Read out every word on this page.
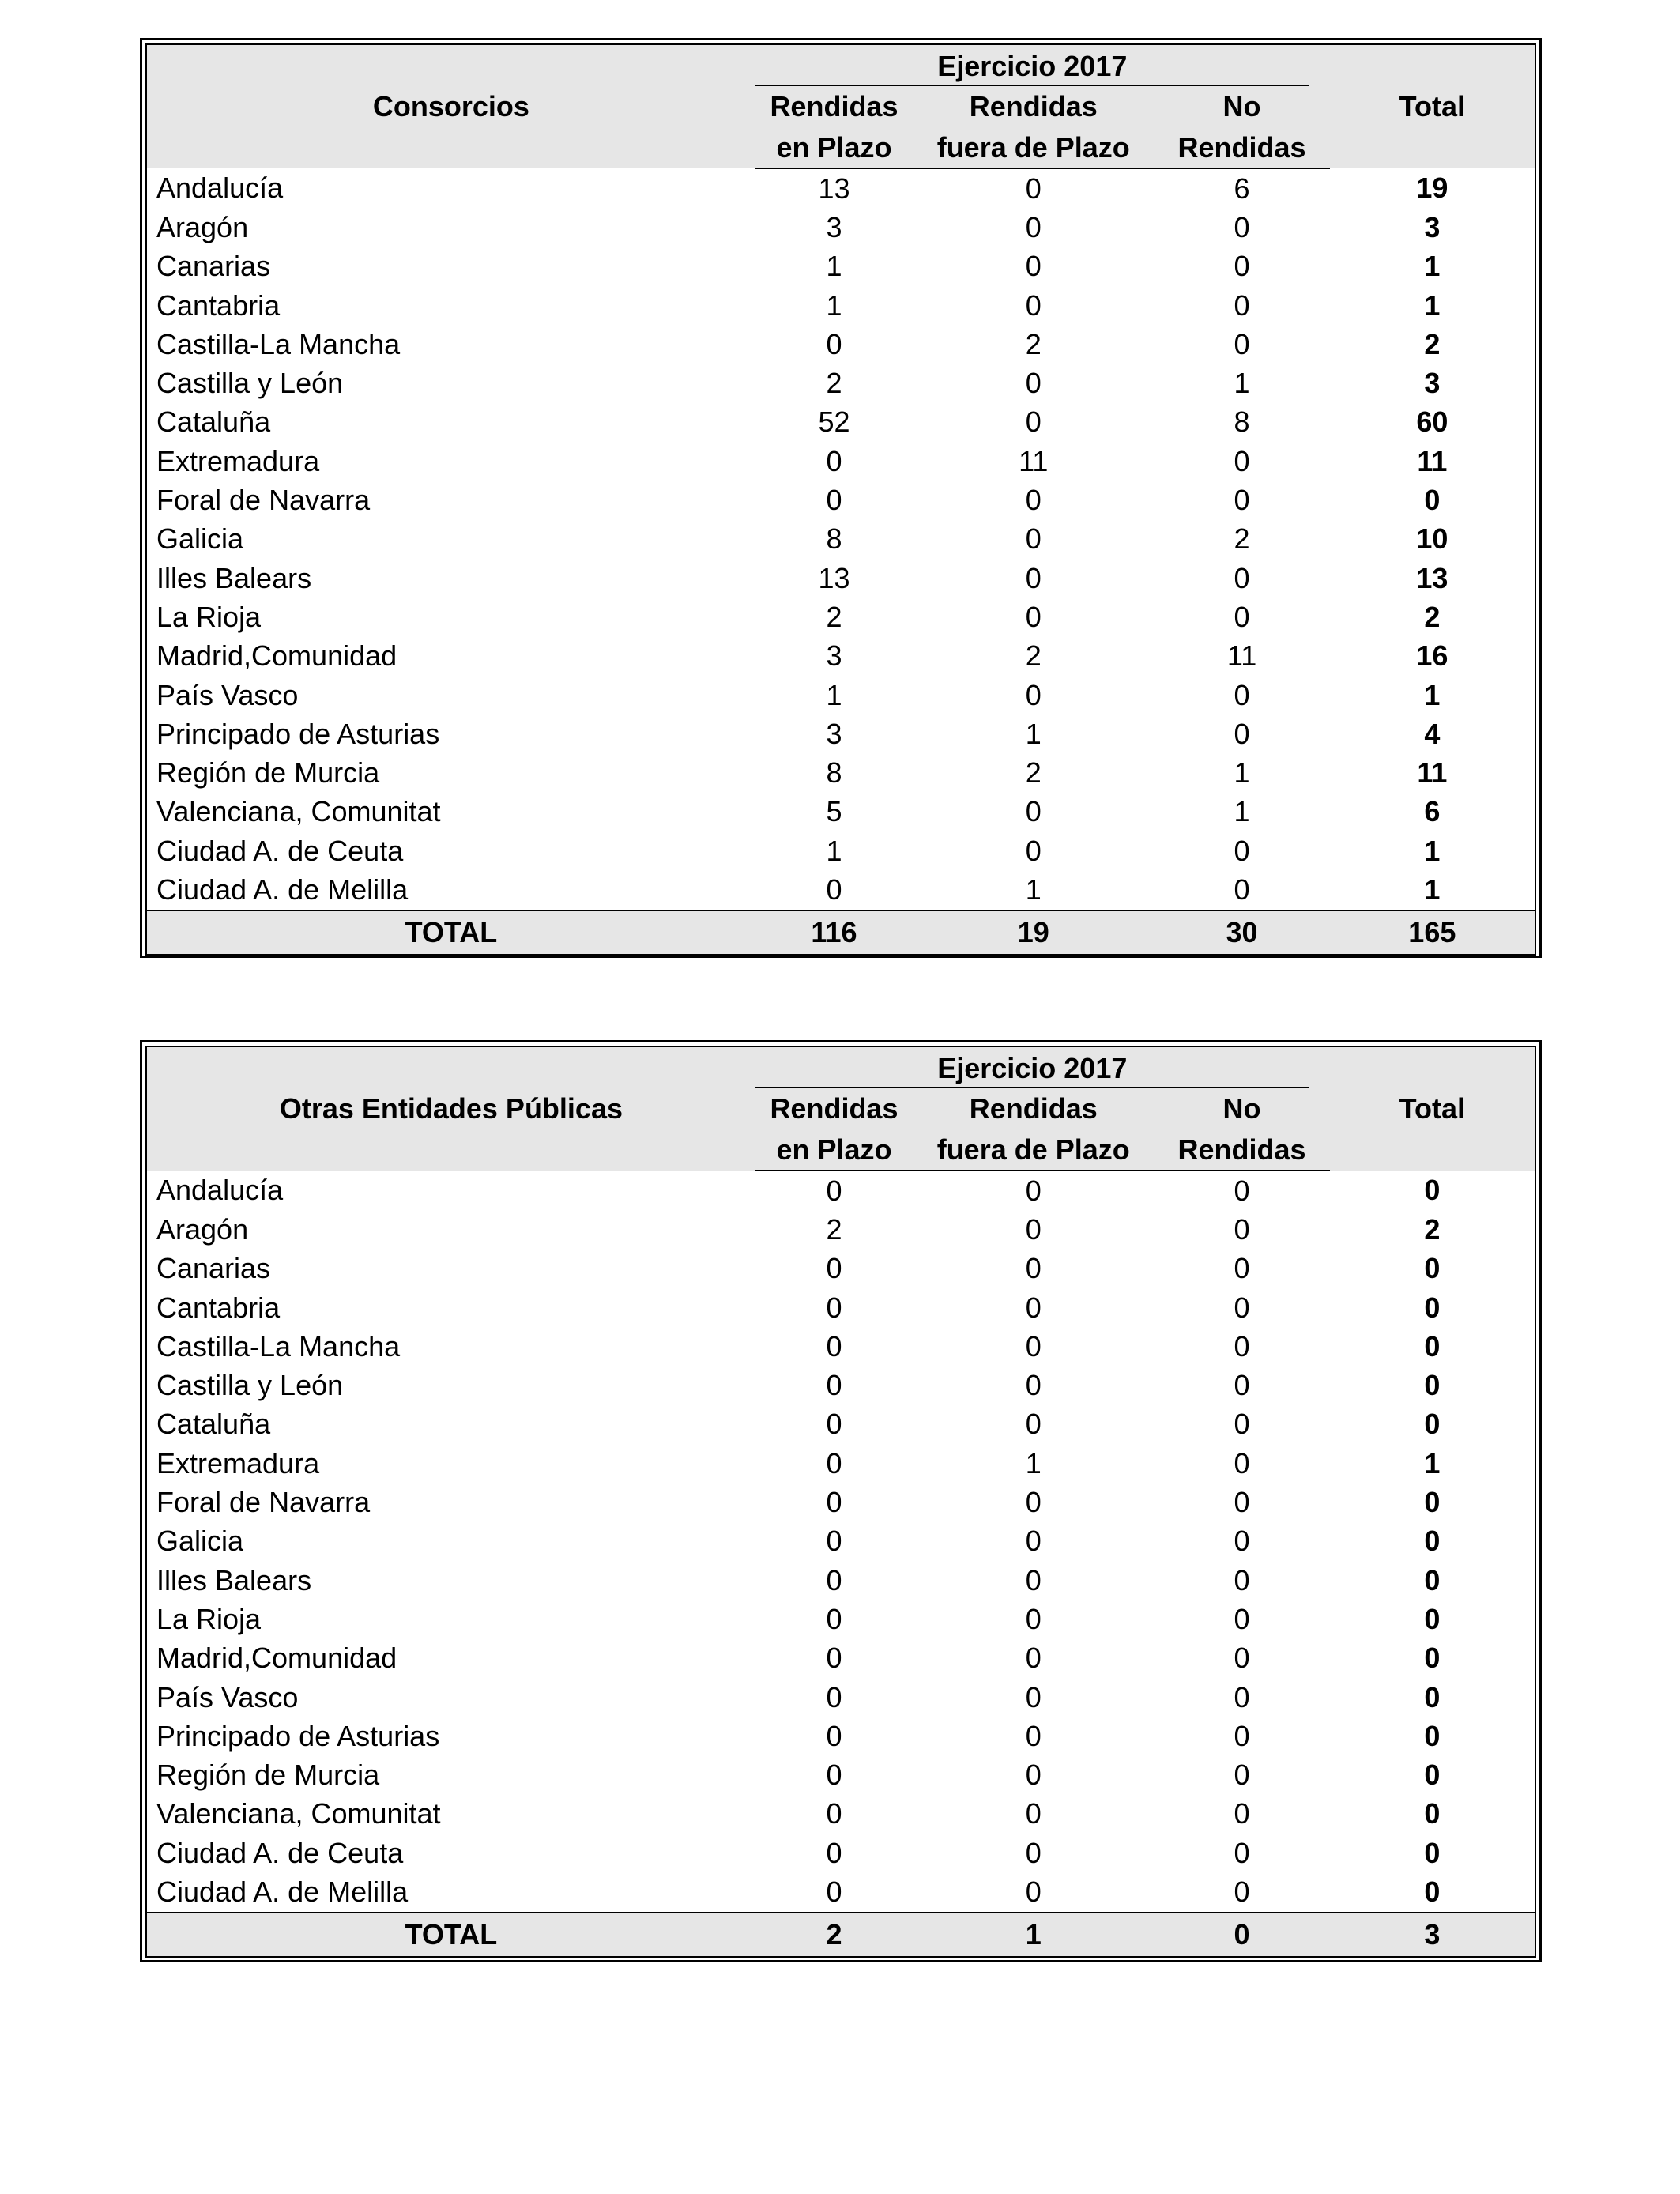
Consorcios	Ejercicio 2017			Total
	Rendidas	Rendidas	No	
	en Plazo	fuera de Plazo	Rendidas	
Andalucía	13	0	6	19
Aragón	3	0	0	3
Canarias	1	0	0	1
Cantabria	1	0	0	1
Castilla-La Mancha	0	2	0	2
Castilla y León	2	0	1	3
Cataluña	52	0	8	60
Extremadura	0	11	0	11
Foral de Navarra	0	0	0	0
Galicia	8	0	2	10
Illes Balears	13	0	0	13
La Rioja	2	0	0	2
Madrid,Comunidad	3	2	11	16
País Vasco	1	0	0	1
Principado de Asturias	3	1	0	4
Región de Murcia	8	2	1	11
Valenciana, Comunitat	5	0	1	6
Ciudad A. de Ceuta	1	0	0	1
Ciudad A. de Melilla	0	1	0	1
TOTAL	116	19	30	165
Otras Entidades Públicas	Ejercicio 2017			Total
	Rendidas	Rendidas	No	
	en Plazo	fuera de Plazo	Rendidas	
Andalucía	0	0	0	0
Aragón	2	0	0	2
Canarias	0	0	0	0
Cantabria	0	0	0	0
Castilla-La Mancha	0	0	0	0
Castilla y León	0	0	0	0
Cataluña	0	0	0	0
Extremadura	0	1	0	1
Foral de Navarra	0	0	0	0
Galicia	0	0	0	0
Illes Balears	0	0	0	0
La Rioja	0	0	0	0
Madrid,Comunidad	0	0	0	0
País Vasco	0	0	0	0
Principado de Asturias	0	0	0	0
Región de Murcia	0	0	0	0
Valenciana, Comunitat	0	0	0	0
Ciudad A. de Ceuta	0	0	0	0
Ciudad A. de Melilla	0	0	0	0
TOTAL	2	1	0	3
